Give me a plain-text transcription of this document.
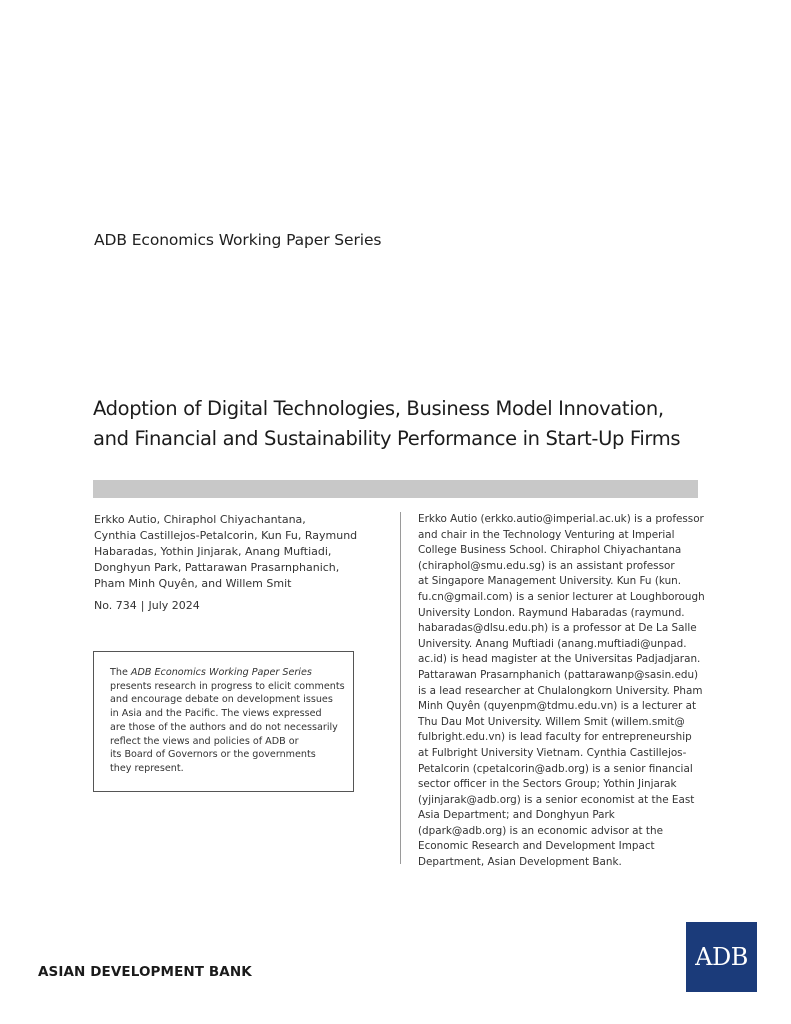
ADB Economics Working Paper Series
Adoption of Digital Technologies, Business Model Innovation,
and Financial and Sustainability Performance in Start-Up Firms
Erkko Autio, Chiraphol Chiyachantana,
Cynthia Castillejos-Petalcorin, Kun Fu, Raymund
Habaradas, Yothin Jinjarak, Anang Muftiadi,
Donghyun Park, Pattarawan Prasarnphanich,
Pham Minh Quyên, and Willem Smit
No. 734 | July 2024
The ADB Economics Working Paper Series
presents research in progress to elicit comments
and encourage debate on development issues
in Asia and the Pacific. The views expressed
are those of the authors and do not necessarily
reflect the views and policies of ADB or
its Board of Governors or the governments
they represent.
Erkko Autio (erkko.autio@imperial.ac.uk) is a professor
and chair in the Technology Venturing at Imperial
College Business School. Chiraphol Chiyachantana
(chiraphol@smu.edu.sg) is an assistant professor
at Singapore Management University. Kun Fu (kun.
fu.cn@gmail.com) is a senior lecturer at Loughborough
University London. Raymund Habaradas (raymund.
habaradas@dlsu.edu.ph) is a professor at De La Salle
University. Anang Muftiadi (anang.muftiadi@unpad.
ac.id) is head magister at the Universitas Padjadjaran.
Pattarawan Prasarnphanich (pattarawanp@sasin.edu)
is a lead researcher at Chulalongkorn University. Pham
Minh Quyên (quyenpm@tdmu.edu.vn) is a lecturer at
Thu Dau Mot University. Willem Smit (willem.smit@
fulbright.edu.vn) is lead faculty for entrepreneurship
at Fulbright University Vietnam. Cynthia Castillejos-
Petalcorin (cpetalcorin@adb.org) is a senior financial
sector officer in the Sectors Group; Yothin Jinjarak
(yjinjarak@adb.org) is a senior economist at the East
Asia Department; and Donghyun Park
(dpark@adb.org) is an economic advisor at the
Economic Research and Development Impact
Department, Asian Development Bank.
ASIAN DEVELOPMENT BANK
ADB
